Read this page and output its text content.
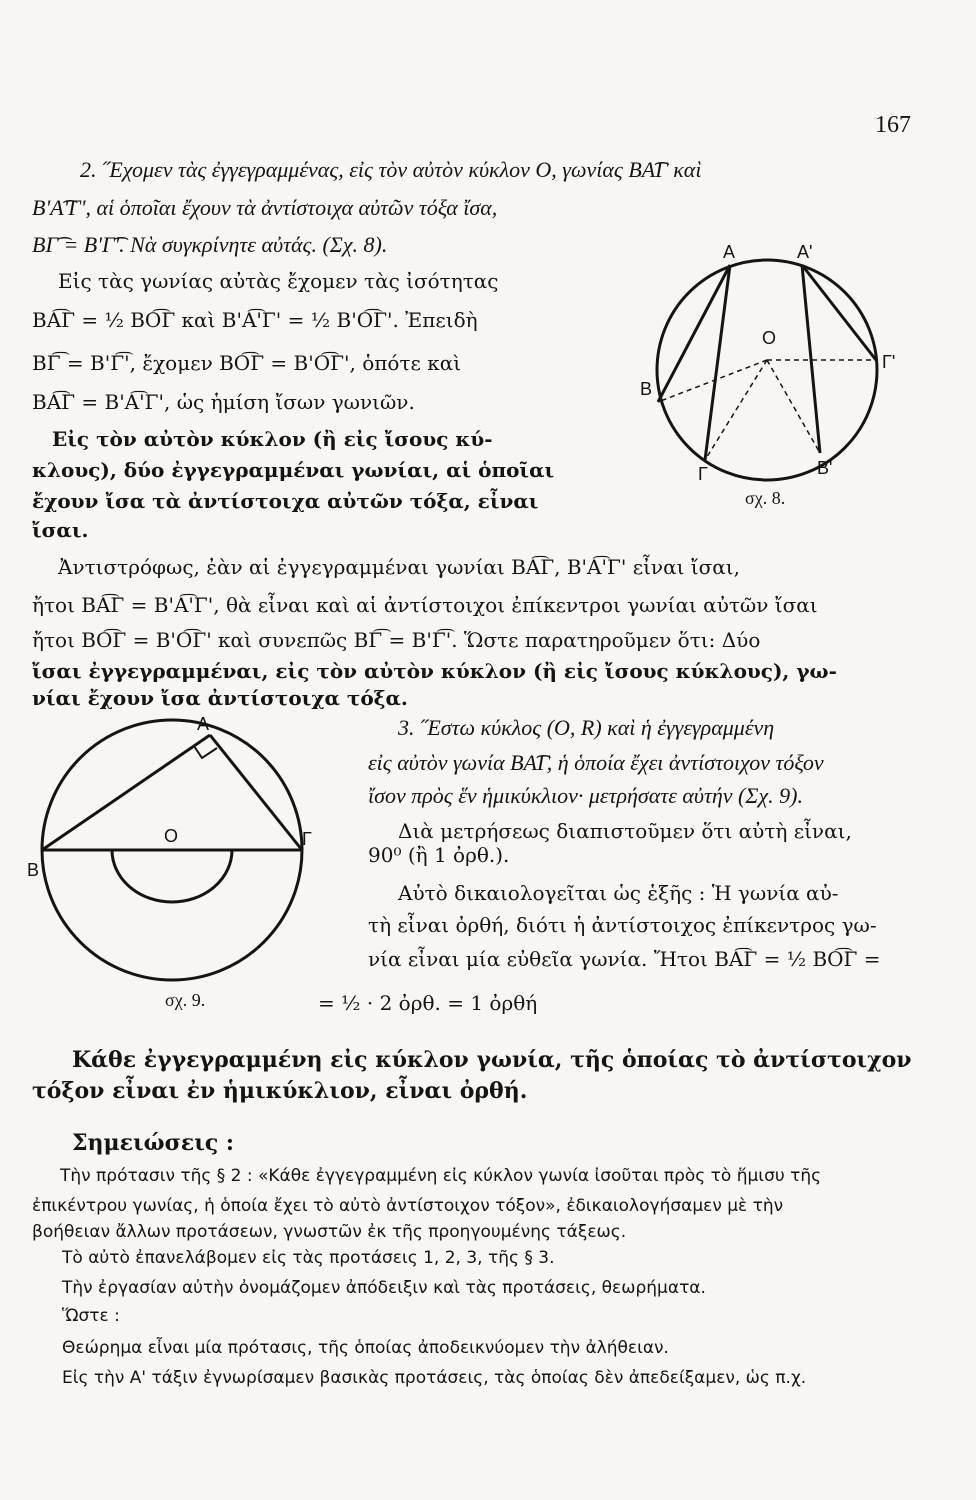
167
2. ˝Εχομεν τὰς ἐγγεγραμμένας, εἰς τὸν αὐτὸν κύκλον Ο, γωνίας ΒΑ͡Γ καὶ
Β'Α͡'Γ', αἱ ὁποῖαι ἔχουν τὰ ἀντίστοιχα αὐτῶν τόξα ἴσα,
ΒΓ͡ = Β'Γ͡'. Νὰ συγκρίνητε αὐτάς. (Σχ. 8).
Εἰς τὰς γωνίας αὐτὰς ἔχομεν τὰς ἰσότητας
ΒΑ͡Γ = ½ ΒΟ͡Γ καὶ Β'Α͡'Γ' = ½ Β'Ο͡Γ'. Ἐπειδὴ
ΒΓ͡ = Β'Γ͡', ἔχομεν ΒΟ͡Γ = Β'Ο͡Γ', ὁπότε καὶ
ΒΑ͡Γ = Β'Α͡'Γ', ὡς ἡμίση ἴσων γωνιῶν.
Εἰς τὸν αὐτὸν κύκλον (ἢ εἰς ἴσους κύ-
κλους), δύο ἐγγεγραμμέναι γωνίαι, αἱ ὁποῖαι
ἔχουν ἴσα τὰ ἀντίστοιχα αὐτῶν τόξα, εἶναι
ἴσαι.
Α	Α'
Ο
Β
Γ	Β'
Γ'
σχ. 8.
Ἀντιστρόφως, ἐὰν αἱ ἐγγεγραμμέναι γωνίαι ΒΑ͡Γ, Β'Α͡'Γ' εἶναι ἴσαι,
ἤτοι ΒΑ͡Γ = Β'Α͡'Γ', θὰ εἶναι καὶ αἱ ἀντίστοιχοι ἐπίκεντροι γωνίαι αὐτῶν ἴσαι
ἤτοι ΒΟ͡Γ = Β'Ο͡Γ' καὶ συνεπῶς ΒΓ͡ = Β'Γ͡'. Ὥστε παρατηροῦμεν ὅτι: Δύο
ἴσαι ἐγγεγραμμέναι, εἰς τὸν αὐτὸν κύκλον (ἢ εἰς ἴσους κύκλους), γω-
νίαι ἔχουν ἴσα ἀντίστοιχα τόξα.
Α
Ο
Β
Γ
σχ. 9.
3. ˝Εστω κύκλος (Ο, R) καὶ ἡ ἐγγεγραμμένη
εἰς αὐτὸν γωνία ΒΑ͡Γ, ἡ ὁποία ἔχει ἀντίστοιχον τόξον
ἴσον πρὸς ἕν ἡμικύκλιον· μετρήσατε αὐτήν (Σχ. 9).
Διὰ μετρήσεως διαπιστοῦμεν ὅτι αὐτὴ εἶναι,
90⁰ (ἢ 1 ὀρθ.).
Αὐτὸ δικαιολογεῖται ὡς ἑξῆς : Ἡ γωνία αὐ-
τὴ εἶναι ὀρθή, διότι ἡ ἀντίστοιχος ἐπίκεντρος γω-
νία εἶναι μία εὐθεῖα γωνία. Ἤτοι ΒΑ͡Γ = ½ ΒΟ͡Γ =
= ½ · 2 ὀρθ. = 1 ὀρθή
Κάθε ἐγγεγραμμένη εἰς κύκλον γωνία, τῆς ὁποίας τὸ ἀντίστοιχον
τόξον εἶναι ἐν ἡμικύκλιον, εἶναι ὀρθή.
Σημειώσεις :
Τὴν πρότασιν τῆς § 2 : «Κάθε ἐγγεγραμμένη εἰς κύκλον γωνία ἰσοῦται πρὸς τὸ ἥμισυ τῆς
ἐπικέντρου γωνίας, ἡ ὁποία ἔχει τὸ αὐτὸ ἀντίστοιχον τόξον», ἐδικαιολογήσαμεν μὲ τὴν
βοήθειαν ἄλλων προτάσεων, γνωστῶν ἐκ τῆς προηγουμένης τάξεως.
Τὸ αὐτὸ ἐπανελάβομεν εἰς τὰς προτάσεις 1, 2, 3, τῆς § 3.
Τὴν ἐργασίαν αὐτὴν ὀνομάζομεν ἀπόδειξιν καὶ τὰς προτάσεις, θεωρήματα.
Ὥστε :
Θεώρημα εἶναι μία πρότασις, τῆς ὁποίας ἀποδεικνύομεν τὴν ἀλήθειαν.
Εἰς τὴν Α' τάξιν ἐγνωρίσαμεν βασικὰς προτάσεις, τὰς ὁποίας δὲν ἀπεδείξαμεν, ὡς π.χ.
